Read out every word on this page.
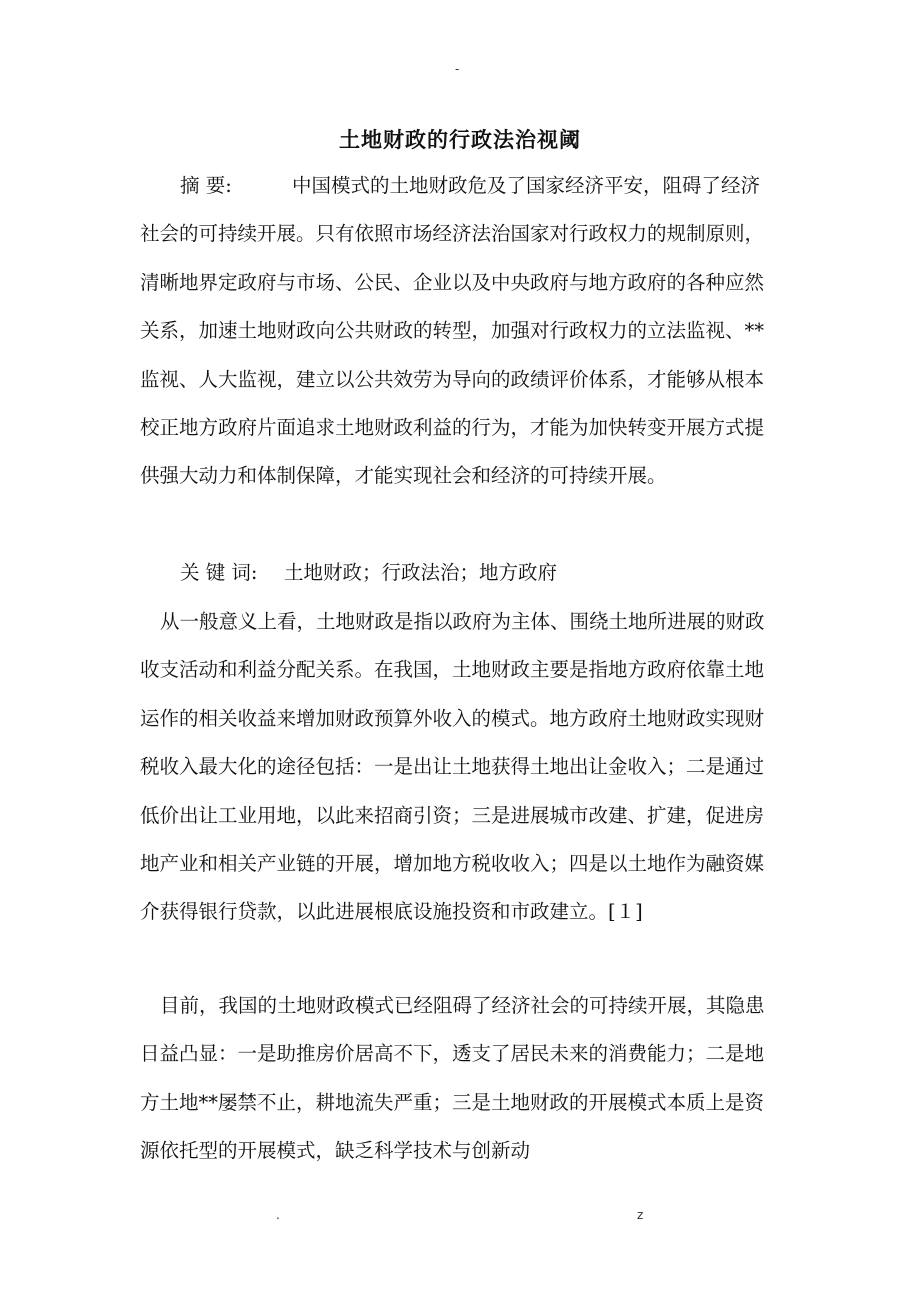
-
土地财政的行政法治视阈

摘 要:	中国模式的土地财政危及了国家经济平安，阻碍了经济社会的可持续开展。只有依照市场经济法治国家对行政权力的规制原则，清晰地界定政府与市场、公民、企业以及中央政府与地方政府的各种应然关系，加速土地财政向公共财政的转型，加强对行政权力的立法监视、**监视、人大监视，建立以公共效劳为导向的政绩评价体系，才能够从根本校正地方政府片面追求土地财政利益的行为，才能为加快转变开展方式提供强大动力和体制保障，才能实现社会和经济的可持续开展。

关 键 词: 土地财政；行政法治；地方政府

从一般意义上看，土地财政是指以政府为主体、围绕土地所进展的财政收支活动和利益分配关系。在我国，土地财政主要是指地方政府依靠土地运作的相关收益来增加财政预算外收入的模式。地方政府土地财政实现财税收入最大化的途径包括：一是出让土地获得土地出让金收入；二是通过低价出让工业用地，以此来招商引资；三是进展城市改建、扩建，促进房地产业和相关产业链的开展，增加地方税收收入；四是以土地作为融资媒介获得银行贷款，以此进展根底设施投资和市政建立。[１]

目前，我国的土地财政模式已经阻碍了经济社会的可持续开展，其隐患日益凸显：一是助推房价居高不下，透支了居民未来的消费能力；二是地方土地**屡禁不止，耕地流失严重；三是土地财政的开展模式本质上是资源依托型的开展模式，缺乏科学技术与创新动

.	z
